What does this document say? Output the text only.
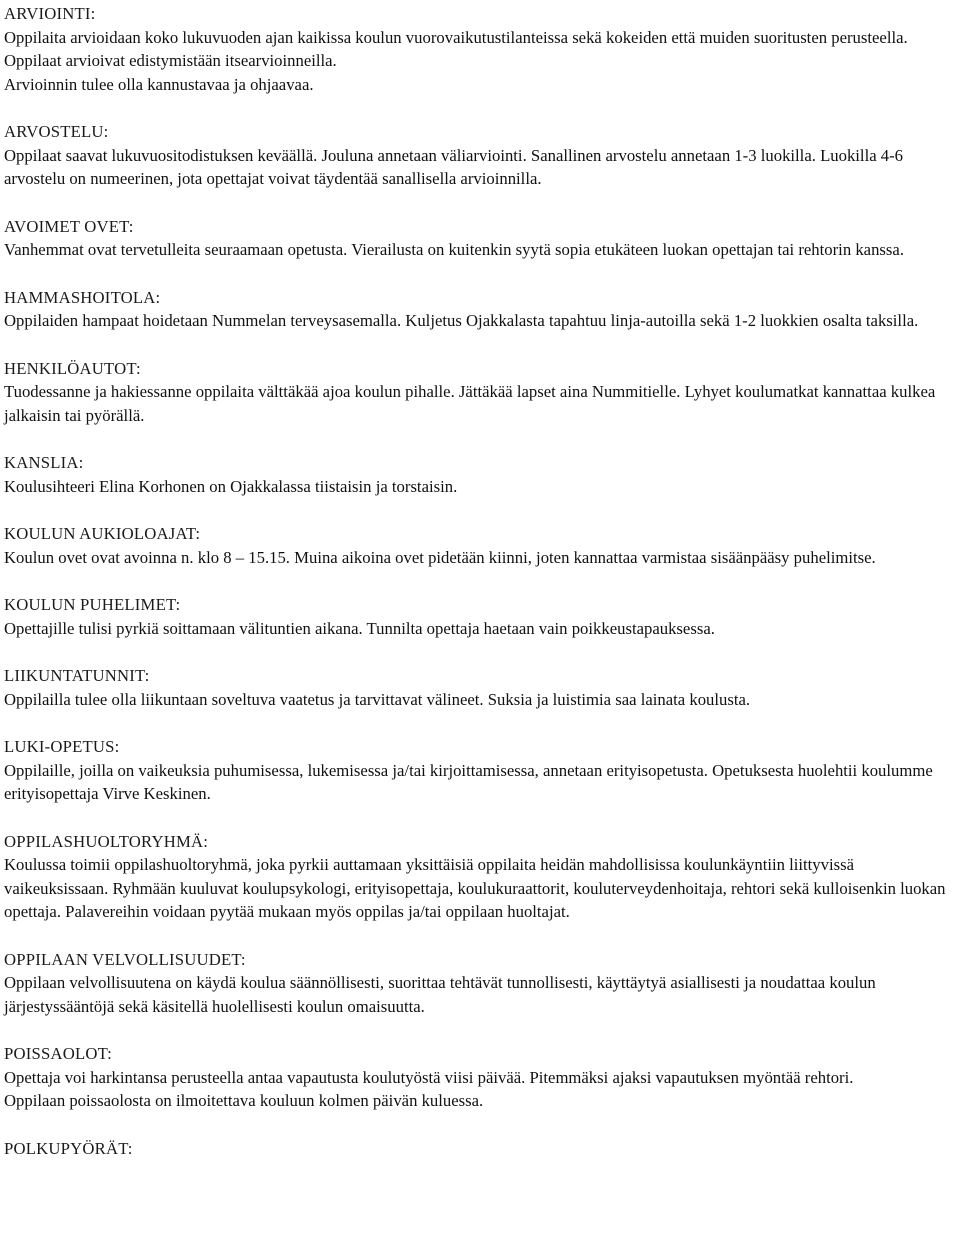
ARVIOINTI:

Oppilaita arvioidaan koko lukuvuoden ajan kaikissa koulun vuorovaikutustilanteissa sekä kokeiden että muiden suoritusten perusteella. Oppilaat arvioivat edistymistään itsearvioinneilla.

Arvioinnin tulee olla kannustavaa ja ohjaavaa.

ARVOSTELU:

Oppilaat saavat lukuvuositodistuksen keväällä. Jouluna annetaan väliarviointi. Sanallinen arvostelu annetaan 1-3 luokilla. Luokilla 4-6 arvostelu on numeerinen, jota opettajat voivat täydentää sanallisella arvioinnilla.

AVOIMET OVET:

Vanhemmat ovat tervetulleita seuraamaan opetusta. Vierailusta on kuitenkin syytä sopia etukäteen luokan opettajan tai rehtorin kanssa.

HAMMASHOITOLA:

Oppilaiden hampaat hoidetaan Nummelan terveysasemalla. Kuljetus Ojakkalasta tapahtuu linja-autoilla sekä 1-2 luokkien osalta taksilla.

HENKILÖAUTOT:

Tuodessanne ja hakiessanne oppilaita välttäkää ajoa koulun pihalle. Jättäkää lapset aina Nummitielle. Lyhyet koulumatkat kannattaa kulkea jalkaisin tai pyörällä.

KANSLIA:

Koulusihteeri Elina Korhonen on Ojakkalassa tiistaisin ja torstaisin.

KOULUN AUKIOLOAJAT:

Koulun ovet ovat avoinna n. klo 8 – 15.15. Muina aikoina ovet pidetään kiinni, joten kannattaa varmistaa sisäänpääsy puhelimitse.

KOULUN PUHELIMET:

Opettajille tulisi pyrkiä soittamaan välituntien aikana. Tunnilta opettaja haetaan vain poikkeustapauksessa.

LIIKUNTATUNNIT:

Oppilailla tulee olla liikuntaan soveltuva vaatetus ja tarvittavat välineet. Suksia ja luistimia saa lainata koulusta.

LUKI-OPETUS:

Oppilaille, joilla on vaikeuksia puhumisessa, lukemisessa ja/tai kirjoittamisessa, annetaan erityisopetusta. Opetuksesta huolehtii koulumme erityisopettaja Virve Keskinen.

OPPILASHUOLTORYHMÄ:

Koulussa toimii oppilashuoltoryhmä, joka pyrkii auttamaan yksittäisiä oppilaita heidän mahdollisissa koulunkäyntiin liittyvissä vaikeuksissaan. Ryhmään kuuluvat koulupsykologi, erityisopettaja, koulukuraattorit, kouluterveydenhoitaja, rehtori sekä kulloisenkin luokan opettaja. Palavereihin voidaan pyytää mukaan myös oppilas ja/tai oppilaan huoltajat.

OPPILAAN VELVOLLISUUDET:

Oppilaan velvollisuutena on käydä koulua säännöllisesti, suorittaa tehtävät tunnollisesti, käyttäytyä asiallisesti ja noudattaa koulun järjestyssääntöjä sekä käsitellä huolellisesti koulun omaisuutta.

POISSAOLOT:

Opettaja voi harkintansa perusteella antaa vapautusta koulutyöstä viisi päivää. Pitemmäksi ajaksi vapautuksen myöntää rehtori.

Oppilaan poissaolosta on ilmoitettava kouluun kolmen päivän kuluessa.

POLKUPYÖRÄT:
